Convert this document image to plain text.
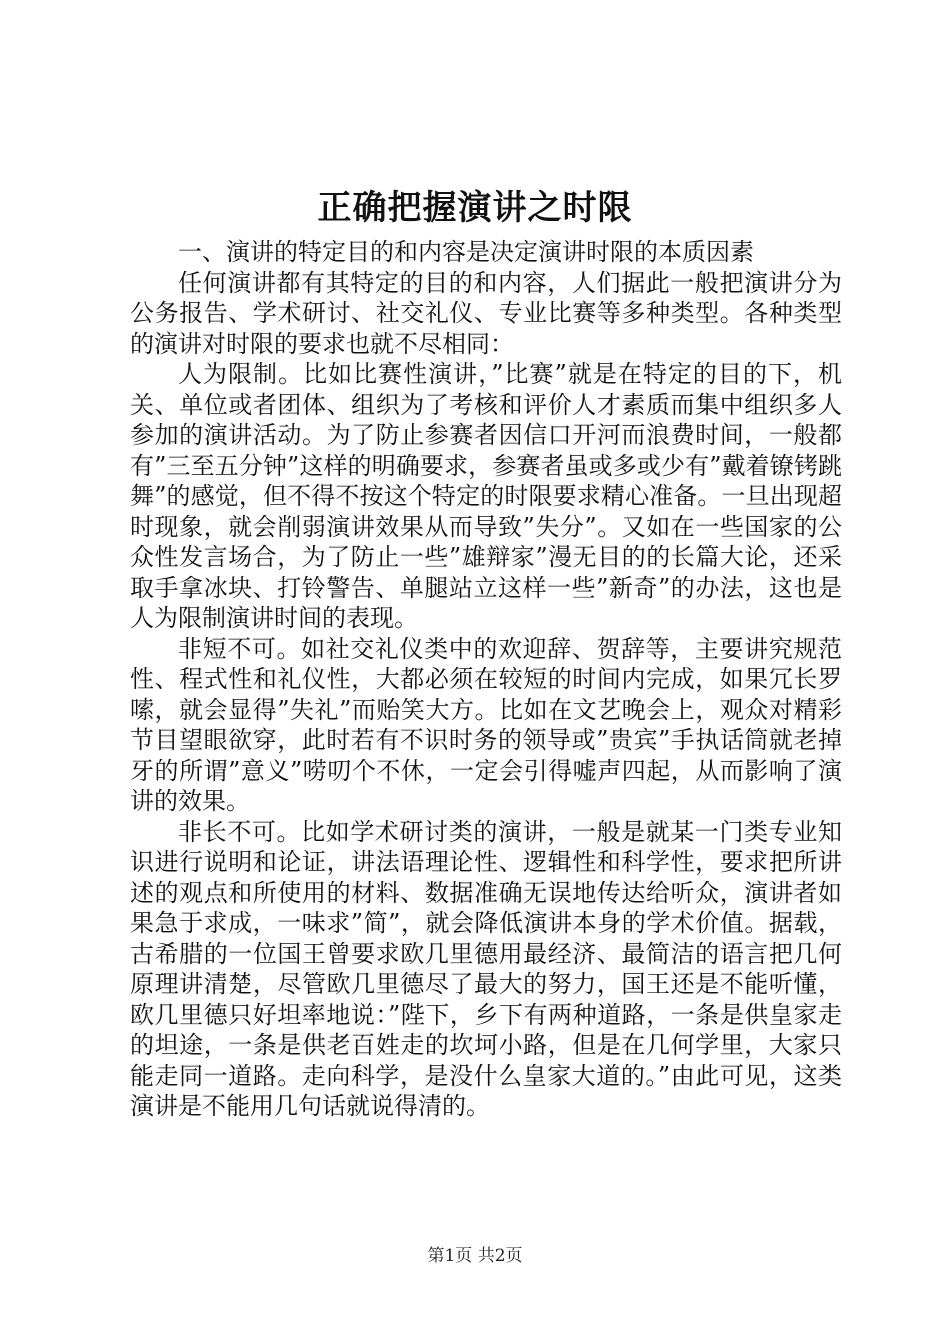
正确把握演讲之时限

一、演讲的特定目的和内容是决定演讲时限的本质因素

任何演讲都有其特定的目的和内容，人们据此一般把演讲分为公务报告、学术研讨、社交礼仪、专业比赛等多种类型。各种类型的演讲对时限的要求也就不尽相同：

人为限制。比如比赛性演讲，”比赛”就是在特定的目的下，机关、单位或者团体、组织为了考核和评价人才素质而集中组织多人参加的演讲活动。为了防止参赛者因信口开河而浪费时间，一般都有”三至五分钟”这样的明确要求，参赛者虽或多或少有”戴着镣铐跳舞”的感觉，但不得不按这个特定的时限要求精心准备。一旦出现超时现象，就会削弱演讲效果从而导致”失分”。又如在一些国家的公众性发言场合，为了防止一些”雄辩家”漫无目的的长篇大论，还采取手拿冰块、打铃警告、单腿站立这样一些”新奇”的办法，这也是人为限制演讲时间的表现。

非短不可。如社交礼仪类中的欢迎辞、贺辞等，主要讲究规范性、程式性和礼仪性，大都必须在较短的时间内完成，如果冗长罗嗦，就会显得”失礼”而贻笑大方。比如在文艺晚会上，观众对精彩节目望眼欲穿，此时若有不识时务的领导或”贵宾”手执话筒就老掉牙的所谓”意义”唠叨个不休，一定会引得嘘声四起，从而影响了演讲的效果。

非长不可。比如学术研讨类的演讲，一般是就某一门类专业知识进行说明和论证，讲法语理论性、逻辑性和科学性，要求把所讲述的观点和所使用的材料、数据准确无误地传达给听众，演讲者如果急于求成，一味求”简”，就会降低演讲本身的学术价值。据载，古希腊的一位国王曾要求欧几里德用最经济、最简洁的语言把几何原理讲清楚，尽管欧几里德尽了最大的努力，国王还是不能听懂，欧几里德只好坦率地说：”陛下，乡下有两种道路，一条是供皇家走的坦途，一条是供老百姓走的坎坷小路，但是在几何学里，大家只能走同一道路。走向科学，是没什么皇家大道的。”由此可见，这类演讲是不能用几句话就说得清的。

第1页 共2页
